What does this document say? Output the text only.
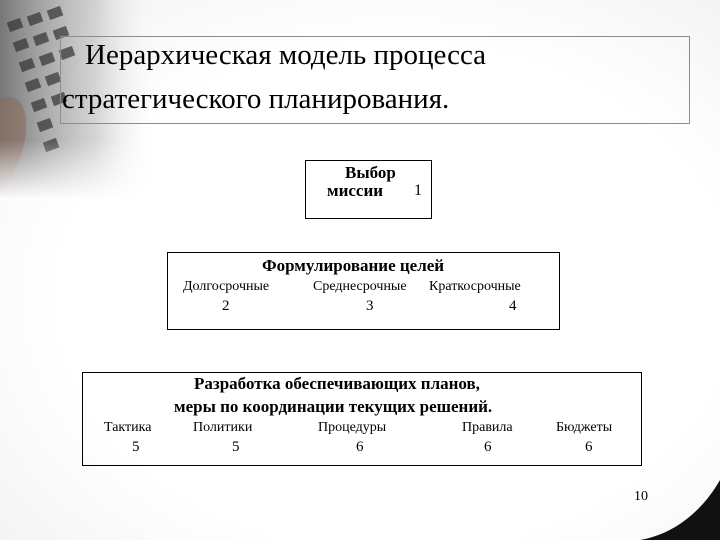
Иерархическая модель процесса
стратегического планирования.
Выбор
миссии 1
Формулирование целей
Долгосрочные
2
Среднесрочные
3
Краткосрочные
4
Разработка обеспечивающих планов,
меры по координации текущих решений.
Тактика
5
Политики
5
Процедуры
6
Правила
6
Бюджеты
6
10
